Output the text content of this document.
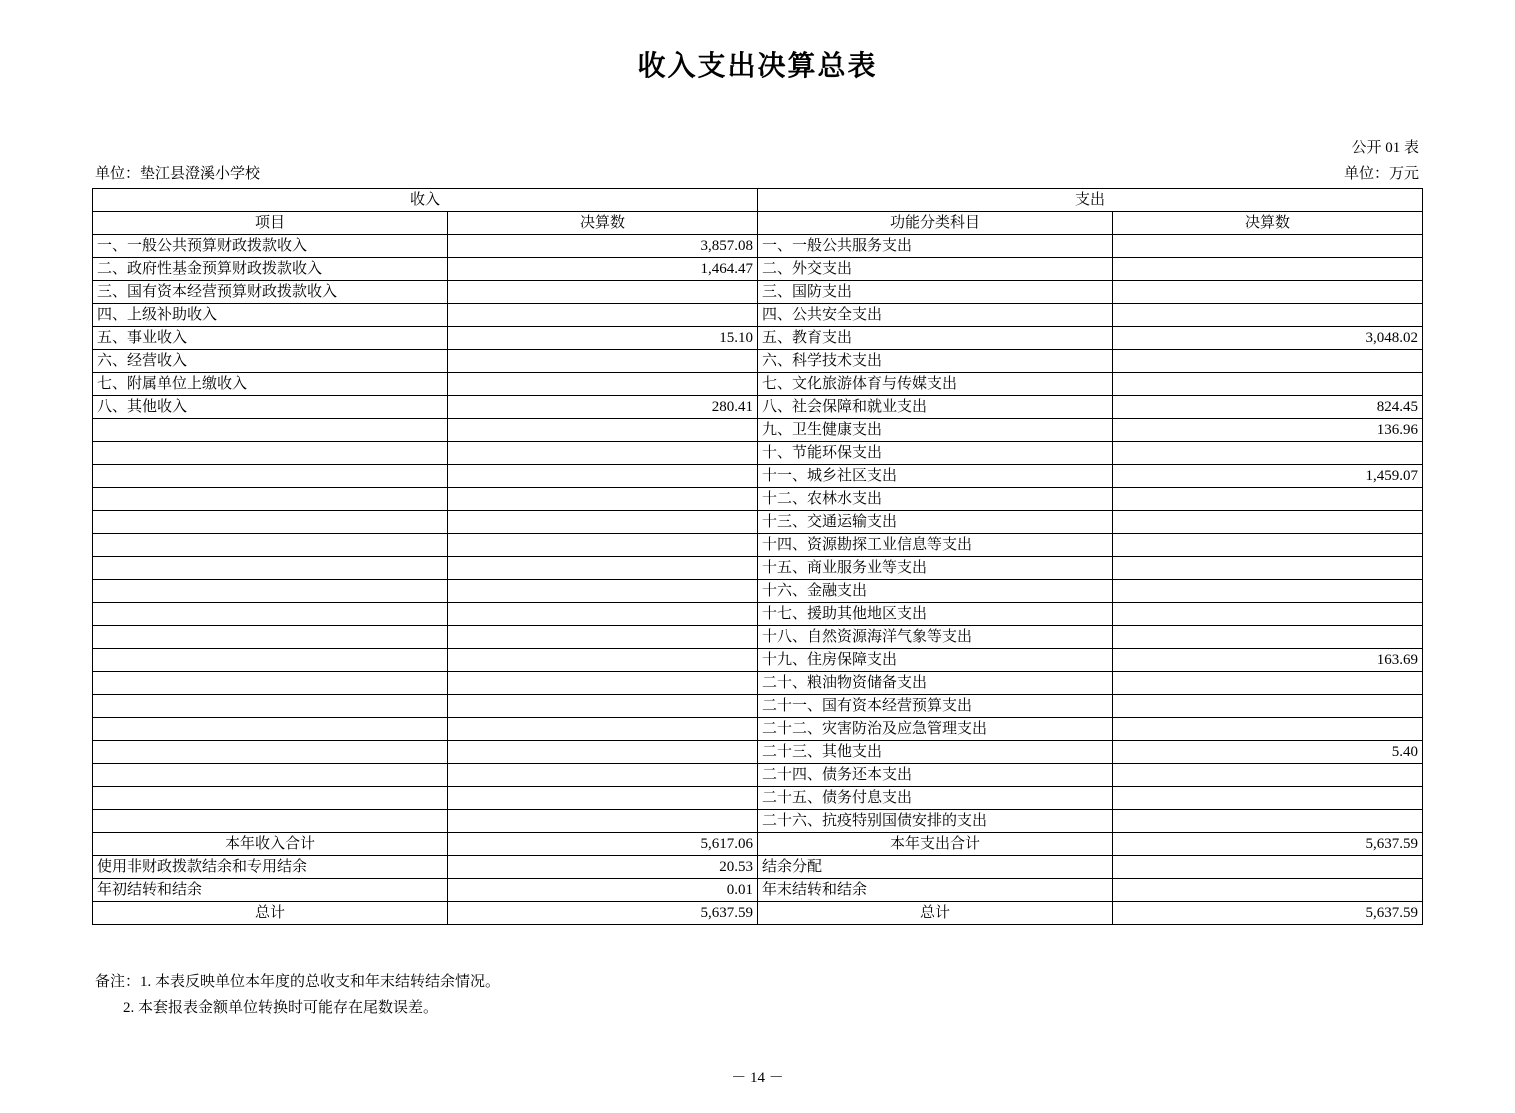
收入支出决算总表
公开 01 表
单位：垫江县澄溪小学校	单位：万元
收入		支出	
项目	决算数	功能分类科目	决算数
一、一般公共预算财政拨款收入	3,857.08	一、一般公共服务支出	
二、政府性基金预算财政拨款收入	1,464.47	二、外交支出	
三、国有资本经营预算财政拨款收入		三、国防支出	
四、上级补助收入		四、公共安全支出	
五、事业收入	15.10	五、教育支出	3,048.02
六、经营收入		六、科学技术支出	
七、附属单位上缴收入		七、文化旅游体育与传媒支出	
八、其他收入	280.41	八、社会保障和就业支出	824.45
		九、卫生健康支出	136.96
		十、节能环保支出	
		十一、城乡社区支出	1,459.07
		十二、农林水支出	
		十三、交通运输支出	
		十四、资源勘探工业信息等支出	
		十五、商业服务业等支出	
		十六、金融支出	
		十七、援助其他地区支出	
		十八、自然资源海洋气象等支出	
		十九、住房保障支出	163.69
		二十、粮油物资储备支出	
		二十一、国有资本经营预算支出	
		二十二、灾害防治及应急管理支出	
		二十三、其他支出	5.40
		二十四、债务还本支出	
		二十五、债务付息支出	
		二十六、抗疫特别国债安排的支出	
本年收入合计	5,617.06	本年支出合计	5,637.59
使用非财政拨款结余和专用结余	20.53	结余分配	
年初结转和结余	0.01	年末结转和结余	
总计	5,637.59	总计	5,637.59
备注：1. 本表反映单位本年度的总收支和年末结转结余情况。
2. 本套报表金额单位转换时可能存在尾数误差。
－ 14 －
